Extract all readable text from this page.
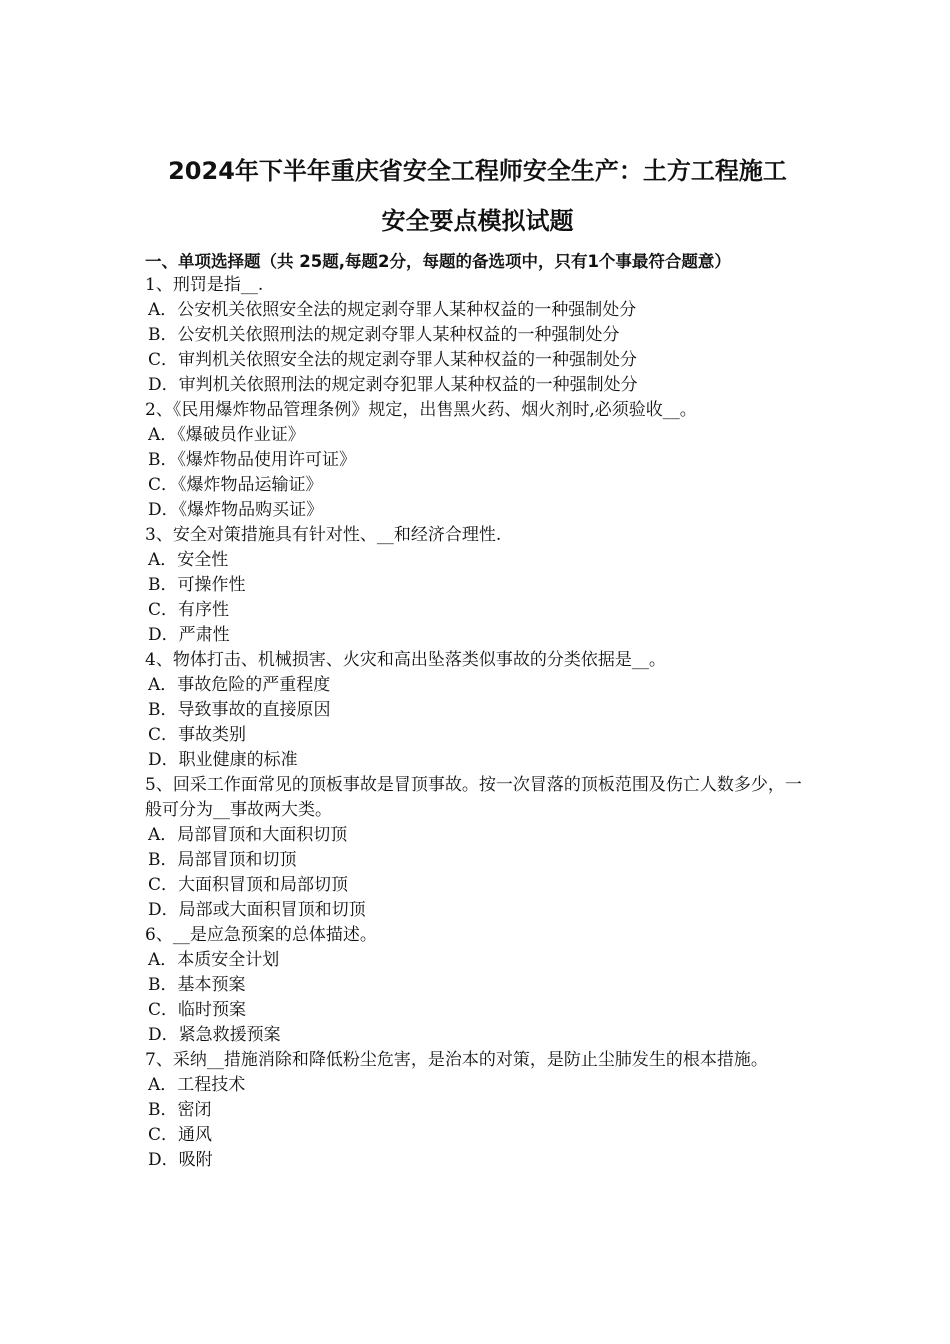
2024年下半年重庆省安全工程师安全生产：土方工程施工
安全要点模拟试题
一、单项选择题（共 25题,每题2分，每题的备选项中，只有1个事最符合题意）
1、刑罚是指__.
A．公安机关依照安全法的规定剥夺罪人某种权益的一种强制处分
B．公安机关依照刑法的规定剥夺罪人某种权益的一种强制处分
C．审判机关依照安全法的规定剥夺罪人某种权益的一种强制处分
D．审判机关依照刑法的规定剥夺犯罪人某种权益的一种强制处分
2、《民用爆炸物品管理条例》规定，出售黑火药、烟火剂时,必须验收__。
A．《爆破员作业证》
B．《爆炸物品使用许可证》
C．《爆炸物品运输证》
D．《爆炸物品购买证》
3、安全对策措施具有针对性、__和经济合理性.
A．安全性
B．可操作性
C．有序性
D．严肃性
4、物体打击、机械损害、火灾和高出坠落类似事故的分类依据是__。
A．事故危险的严重程度
B．导致事故的直接原因
C．事故类别
D．职业健康的标准
5、回采工作面常见的顶板事故是冒顶事故。按一次冒落的顶板范围及伤亡人数多少，一般可分为__事故两大类。
A．局部冒顶和大面积切顶
B．局部冒顶和切顶
C．大面积冒顶和局部切顶
D．局部或大面积冒顶和切顶
6、__是应急预案的总体描述。
A．本质安全计划
B．基本预案
C．临时预案
D．紧急救援预案
7、采纳__措施消除和降低粉尘危害，是治本的对策，是防止尘肺发生的根本措施。
A．工程技术
B．密闭
C．通风
D．吸附
